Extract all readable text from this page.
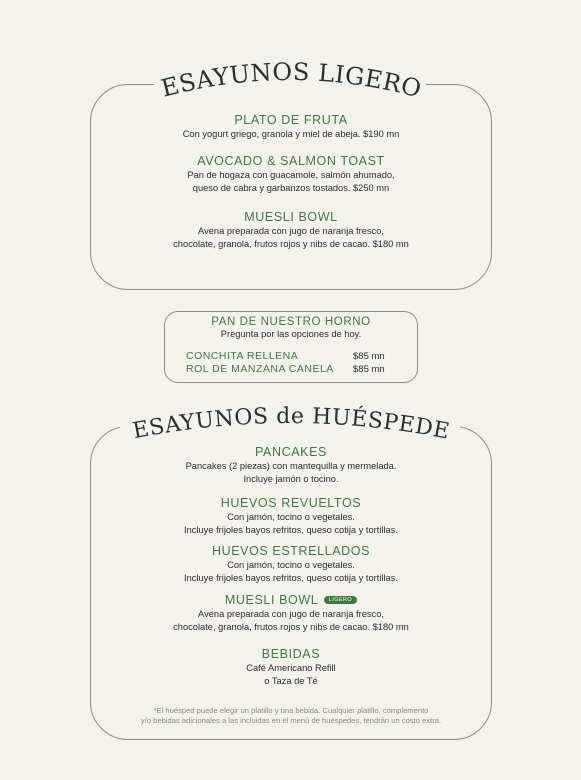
DESAYUNOS LIGEROS

PLATO DE FRUTA

Con yogurt griego, granola y miel de abeja. $190 mn

AVOCADO & SALMON TOAST

Pan de hogaza con guacamole, salmón ahumado,

queso de cabra y garbanzos tostados. $250 mn

MUESLI BOWL

Avena preparada con jugo de naranja fresco,

chocolate, granola, frutos rojos y nibs de cacao. $180 mn

PAN DE NUESTRO HORNO

Pregunta por las opciones de hoy.

CONCHITA RELLENA	$85 mn
ROL DE MANZANA CANELA $85 mn
DESAYUNOS de HUÉSPEDES

PANCAKES

Pancakes (2 piezas) con mantequilla y mermelada.

Incluye jamón o tocino.

HUEVOS REVUELTOS

Con jamón, tocino o vegetales.

Incluye frijoles bayos refritos, queso cotija y tortillas.

HUEVOS ESTRELLADOS

Con jamón, tocino o vegetales.

Incluye frijoles bayos refritos, queso cotija y tortillas.

MUESLI BOWL LIGERO

Avena preparada con jugo de naranja fresco,

chocolate, granola, frutos rojos y nibs de cacao. $180 mn

BEBIDAS

Café Americano Refill

o Taza de Té

*El huésped puede elegir un platillo y una bebida. Cualquier platillo, complemento
y/o bebidas adicionales a las incluidas en el menú de huéspedes, tendrán un costo extra.
